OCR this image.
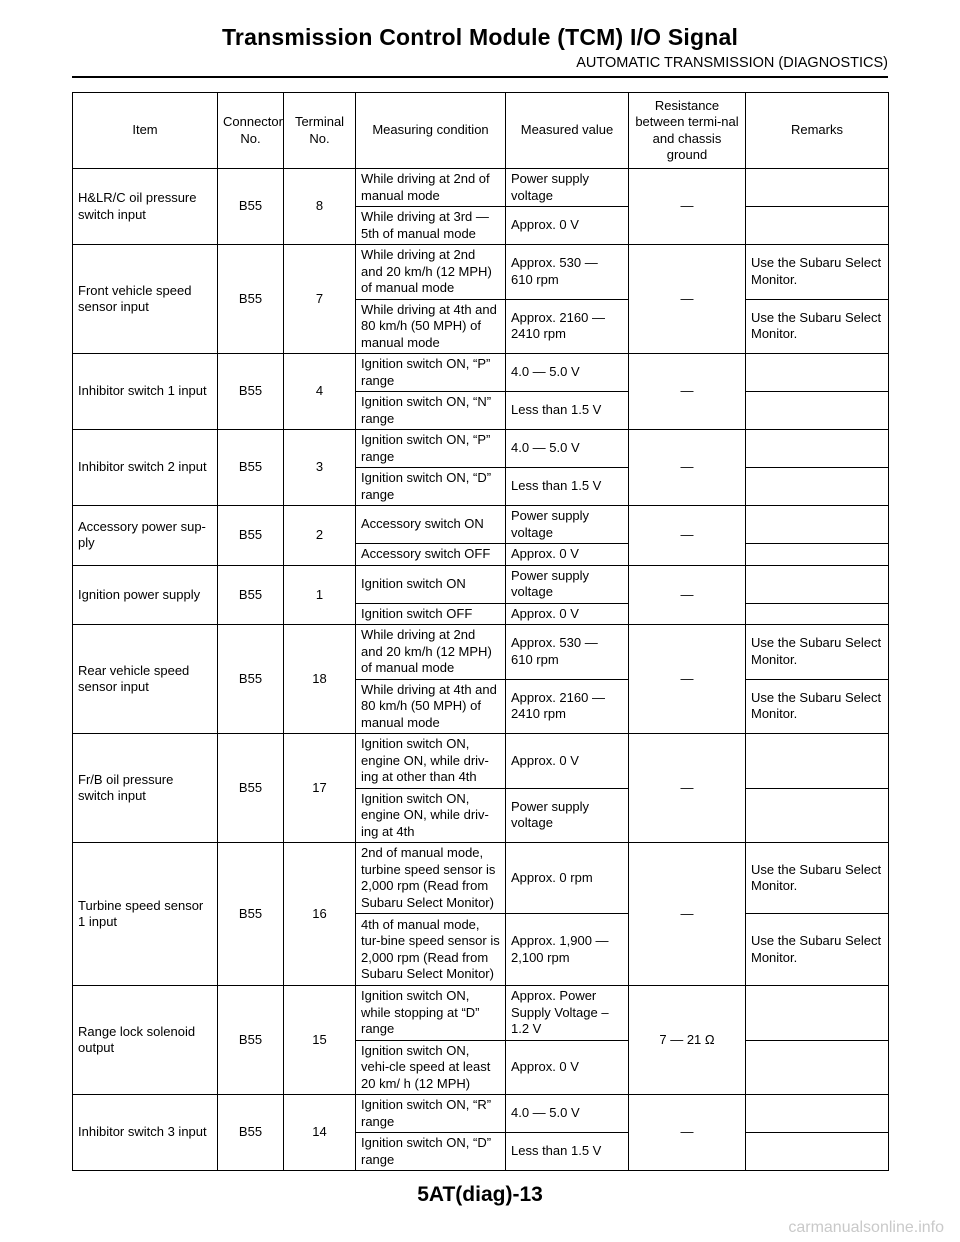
Transmission Control Module (TCM) I/O Signal
AUTOMATIC TRANSMISSION (DIAGNOSTICS)
Item	Connector No.	Terminal No.	Measuring condition	Measured value	Resistance between termi-nal and chassis ground	Remarks
H&LR/C oil pressure switch input	B55	8	While driving at 2nd of manual mode	Power supply voltage	—	
			While driving at 3rd — 5th of manual mode	Approx. 0 V		
Front vehicle speed sensor input	B55	7	While driving at 2nd and 20 km/h (12 MPH) of manual mode	Approx. 530 — 610 rpm	—	Use the Subaru Select Monitor.
			While driving at 4th and 80 km/h (50 MPH) of manual mode	Approx. 2160 — 2410 rpm		Use the Subaru Select Monitor.
Inhibitor switch 1 input	B55	4	Ignition switch ON, “P” range	4.0 — 5.0 V	—	
			Ignition switch ON, “N” range	Less than 1.5 V		
Inhibitor switch 2 input	B55	3	Ignition switch ON, “P” range	4.0 — 5.0 V	—	
			Ignition switch ON, “D” range	Less than 1.5 V		
Accessory power sup-ply	B55	2	Accessory switch ON	Power supply voltage	—	
			Accessory switch OFF	Approx. 0 V		
Ignition power supply	B55	1	Ignition switch ON	Power supply voltage	—	
			Ignition switch OFF	Approx. 0 V		
Rear vehicle speed sensor input	B55	18	While driving at 2nd and 20 km/h (12 MPH) of manual mode	Approx. 530 — 610 rpm	—	Use the Subaru Select Monitor.
			While driving at 4th and 80 km/h (50 MPH) of manual mode	Approx. 2160 — 2410 rpm		Use the Subaru Select Monitor.
Fr/B oil pressure switch input	B55	17	Ignition switch ON, engine ON, while driv-ing at other than 4th	Approx. 0 V	—	
			Ignition switch ON, engine ON, while driv-ing at 4th	Power supply voltage		
Turbine speed sensor 1 input	B55	16	2nd of manual mode, turbine speed sensor is 2,000 rpm (Read from Subaru Select Monitor)	Approx. 0 rpm	—	Use the Subaru Select Monitor.
			4th of manual mode, tur-bine speed sensor is 2,000 rpm (Read from Subaru Select Monitor)	Approx. 1,900 — 2,100 rpm		Use the Subaru Select Monitor.
Range lock solenoid output	B55	15	Ignition switch ON, while stopping at “D” range	Approx. Power Supply Voltage –1.2 V	7 — 21 Ω	
			Ignition switch ON, vehi-cle speed at least 20 km/ h (12 MPH)	Approx. 0 V		
Inhibitor switch 3 input	B55	14	Ignition switch ON, “R” range	4.0 — 5.0 V	—	
			Ignition switch ON, “D” range	Less than 1.5 V		
5AT(diag)-13
carmanualsonline.info
